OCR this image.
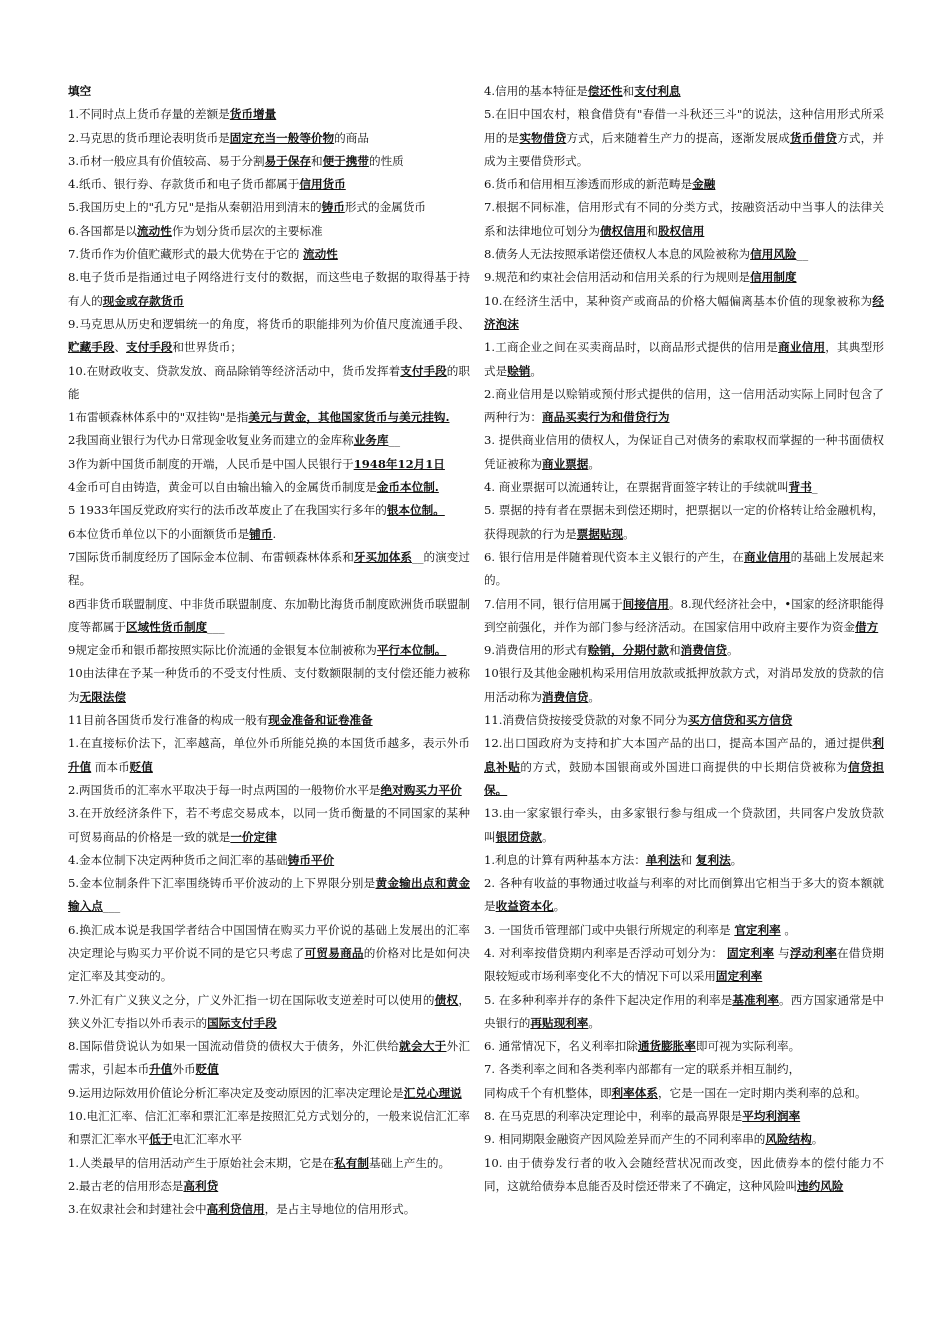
填空
1.不同时点上货币存量的差额是货币增量
2.马克思的货币理论表明货币是固定充当一般等价物的商品
3.币材一般应具有价值较高、易于分割易于保存和便于携带的性质
4.纸币、银行券、存款货币和电子货币都属于信用货币
5.我国历史上的"孔方兄"是指从秦朝沿用到清末的铸币形式的金属货币
6.各国都是以流动性作为划分货币层次的主要标准
7.货币作为价值贮藏形式的最大优势在于它的 流动性
8.电子货币是指通过电子网络进行支付的数据，而这些电子数据的取得基于持有人的现金或存款货币
9.马克思从历史和逻辑统一的角度，将货币的职能排列为价值尺度流通手段、贮藏手段、支付手段和世界货币；
10.在财政收支、贷款发放、商品除销等经济活动中，货币发挥着支付手段的职能
1布雷顿森林体系中的"双挂钩"是指美元与黄金，其他国家货币与美元挂钩.
2我国商业银行为代办日常现金收复业务而建立的金库称业务库__
3作为新中国货币制度的开端，人民币是中国人民银行于1948年12月1日
4金币可自由铸造，黄金可以自由输出输入的金属货币制度是金币本位制.
5 1933年国反党政府实行的法币改革废止了在我国实行多年的银本位制。
6本位货币单位以下的小面额货币是铺币.
7国际货币制度经历了国际金本位制、布雷顿森林体系和牙买加体系__的演变过程。
8西非货币联盟制度、中非货币联盟制度、东加勒比海货币制度欧洲货币联盟制度等都属于区域性货币制度___
9规定金币和银币都按照实际比价流通的金银复本位制被称为平行本位制。
10由法律在予某一种货币的不受支付性质、支付数额限制的支付偿还能力被称为无限法偿
11目前各国货币发行准备的构成一般有现金准备和证卷准备
1.在直接标价法下，汇率越高，单位外币所能兑换的本国货币越多，表示外币升值 而本币贬值
2.两国货币的汇率水平取决于每一时点两国的一般物价水平是绝对购买力平价
3.在开放经济条件下，若不考虑交易成本，以同一货币衡量的不同国家的某种可贸易商品的价格是一致的就是一价定律
4.金本位制下决定两种货币之间汇率的基础铸币平价
5.金本位制条件下汇率围绕铸币平价波动的上下界限分别是黄金输出点和黄金输入点___
6.换汇成本说是我国学者结合中国国情在购买力平价说的基础上发展出的汇率决定理论与购买力平价说不同的是它只考虑了可贸易商品的价格对比是如何决定汇率及其变动的。
7.外汇有广义狭义之分，广义外汇指一切在国际收支逆差时可以使用的债权，狭义外汇专指以外币表示的国际支付手段
8.国际借贷说认为如果一国流动借贷的债权大于债务，外汇供给就会大于外汇需求，引起本币升值外币贬值
9.运用边际效用价值论分析汇率决定及变动原因的汇率决定理论是汇兑心理说
10.电汇汇率、信汇汇率和票汇汇率是按照汇兑方式划分的，一般来说信汇汇率和票汇汇率水平低于电汇汇率水平
1.人类最早的信用活动产生于原始社会末期，它是在私有制基础上产生的。
2.最古老的信用形态是高利贷
3.在奴隶社会和封建社会中高利贷信用，是占主导地位的信用形式。
4.信用的基本特征是偿还性和支付利息
5.在旧中国农村，粮食借贷有"春借一斗秋还三斗"的说法，这种信用形式所采用的是实物借贷方式，后来随着生产力的提高，逐渐发展成货币借贷方式，并成为主要借贷形式。
6.货币和信用相互渗透而形成的新范畴是金融
7.根据不同标准，信用形式有不同的分类方式，按融资活动中当事人的法律关系和法律地位可划分为债权信用和股权信用
8.债务人无法按照承诺偿还债权人本息的风险被称为信用风险__
9.规范和约束社会信用活动和信用关系的行为规则是信用制度
10.在经济生活中，某种资产或商品的价格大幅偏离基本价值的现象被称为经济泡沫
1.工商企业之间在买卖商品时，以商品形式提供的信用是商业信用，其典型形式是赊销。
2.商业信用是以赊销或预付形式提供的信用，这一信用活动实际上同时包含了两种行为：商品买卖行为和借贷行为
3. 提供商业信用的债权人，为保证自己对债务的索取权而掌握的一种书面债权凭证被称为商业票据。
4. 商业票据可以流通转让，在票据背面签字转让的手续就叫背书_
5. 票据的持有者在票据未到偿还期时，把票据以一定的价格转让给金融机构，获得现款的行为是票据贴现。
6. 银行信用是伴随着现代资本主义银行的产生，在商业信用的基础上发展起来的。
7.信用不同，银行信用属于间接信用。8.现代经济社会中，•国家的经济职能得到空前强化，并作为部门参与经济活动。在国家信用中政府主要作为资金借方
9.消费信用的形式有赊销，分期付款和消费信贷。
10银行及其他金融机构采用信用放款或抵押放款方式，对消昂发放的贷款的信用活动称为消费信贷。
11.消费信贷按接受贷款的对象不同分为买方信贷和买方信贷
12.出口国政府为支持和扩大本国产品的出口，提高本国产品的，通过提供利息补贴的方式，鼓励本国银商或外国进口商提供的中长期信贷被称为信贷担保。
13.由一家家银行牵头，由多家银行参与组成一个贷款团，共同客户发放贷款叫银团贷款。
1.利息的计算有两种基本方法：单利法和 复利法。
2. 各种有收益的事物通过收益与利率的对比而倒算出它相当于多大的资本额就是收益资本化。
3. 一国货币管理部门或中央银行所规定的利率是 官定利率 。
4. 对利率按借贷期内利率是否浮动可划分为： 固定利率 与浮动利率在借贷期限较短或市场利率变化不大的情况下可以采用固定利率
5. 在多种利率并存的条件下起决定作用的利率是基准利率。西方国家通常是中央银行的再贴现利率。
6. 通常情况下，名义利率扣除通货膨胀率即可视为实际利率。
7. 各类利率之间和各类利率内部都有一定的联系并相互制约，
同构成千个有机整体，即利率体系，它是一国在一定时期内类利率的总和。
8. 在马克思的利率决定理论中，利率的最高界限是平均利润率
9. 相同期限金融资产因风险差异而产生的不同利率串的风险结构。
10. 由于债券发行者的收入会随经营状况而改变，因此债券本的偿付能力不同，这就给债券本息能否及时偿还带来了不确定，这种风险叫违约风险
